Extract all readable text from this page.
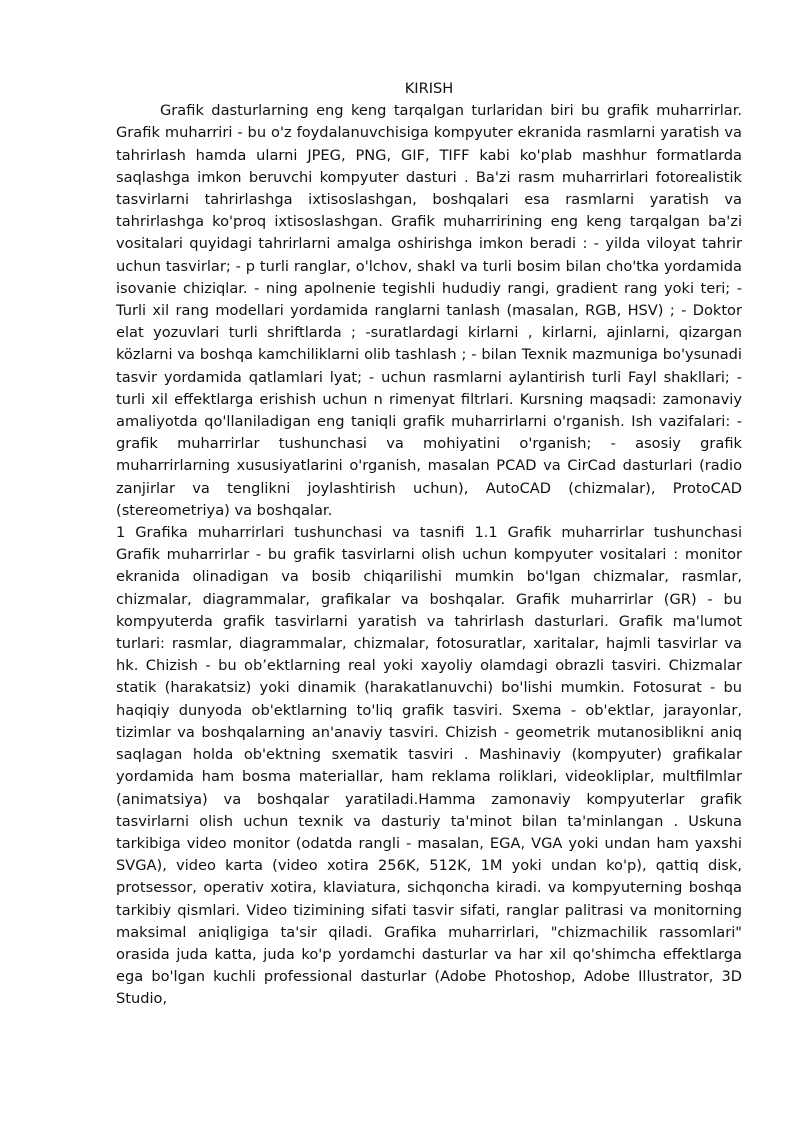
KIRISH

Grafik dasturlarning eng keng tarqalgan turlaridan biri bu grafik muharrirlar. Grafik muharriri - bu o'z foydalanuvchisiga kompyuter ekranida rasmlarni yaratish va tahrirlash hamda ularni JPEG, PNG, GIF, TIFF kabi ko'plab mashhur formatlarda saqlashga imkon beruvchi kompyuter dasturi . Ba'zi rasm muharrirlari fotorealistik tasvirlarni tahrirlashga ixtisoslashgan, boshqalari esa rasmlarni yaratish va tahrirlashga ko'proq ixtisoslashgan. Grafik muharririning eng keng tarqalgan ba'zi vositalari quyidagi tahrirlarni amalga oshirishga imkon beradi : - yilda viloyat tahrir uchun tasvirlar; - p turli ranglar, o'lchov, shakl va turli bosim bilan cho'tka yordamida isovanie chiziqlar. - ning apolnenie tegishli hududiy rangi, gradient rang yoki teri; - Turli xil rang modellari yordamida ranglarni tanlash (masalan, RGB, HSV) ; - Doktor elat yozuvlari turli shriftlarda ; -suratlardagi kirlarni , kirlarni, ajinlarni, qizargan közlarni va boshqa kamchiliklarni olib tashlash ; - bilan Texnik mazmuniga bo'ysunadi tasvir yordamida qatlamlari lyat; - uchun rasmlarni aylantirish turli Fayl shakllari; - turli xil effektlarga erishish uchun n rimenyat filtrlari. Kursning maqsadi: zamonaviy amaliyotda qo'llaniladigan eng taniqli grafik muharrirlarni o'rganish. Ish vazifalari: - grafik muharrirlar tushunchasi va mohiyatini o'rganish; - asosiy grafik muharrirlarning xususiyatlarini o'rganish, masalan PCAD va CirCad dasturlari (radio zanjirlar va tenglikni joylashtirish uchun), AutoCAD (chizmalar), ProtoCAD (stereometriya) va boshqalar.

1 Grafika muharrirlari tushunchasi va tasnifi 1.1 Grafik muharrirlar tushunchasi Grafik muharrirlar - bu grafik tasvirlarni olish uchun kompyuter vositalari : monitor ekranida olinadigan va bosib chiqarilishi mumkin bo'lgan chizmalar, rasmlar, chizmalar, diagrammalar, grafikalar va boshqalar. Grafik muharrirlar (GR) - bu kompyuterda grafik tasvirlarni yaratish va tahrirlash dasturlari. Grafik ma'lumot turlari: rasmlar, diagrammalar, chizmalar, fotosuratlar, xaritalar, hajmli tasvirlar va hk. Chizish - bu ob’ektlarning real yoki xayoliy olamdagi obrazli tasviri. Chizmalar statik (harakatsiz) yoki dinamik (harakatlanuvchi) bo'lishi mumkin. Fotosurat - bu haqiqiy dunyoda ob'ektlarning to'liq grafik tasviri. Sxema - ob'ektlar, jarayonlar, tizimlar va boshqalarning an'anaviy tasviri. Chizish - geometrik mutanosiblikni aniq saqlagan holda ob'ektning sxematik tasviri . Mashinaviy (kompyuter) grafikalar yordamida ham bosma materiallar, ham reklama roliklari, videokliplar, multfilmlar (animatsiya) va boshqalar yaratiladi.Hamma zamonaviy kompyuterlar grafik tasvirlarni olish uchun texnik va dasturiy ta'minot bilan ta'minlangan . Uskuna tarkibiga video monitor (odatda rangli - masalan, EGA, VGA yoki undan ham yaxshi SVGA), video karta (video xotira 256K, 512K, 1M yoki undan ko'p), qattiq disk, protsessor, operativ xotira, klaviatura, sichqoncha kiradi. va kompyuterning boshqa tarkibiy qismlari. Video tizimining sifati tasvir sifati, ranglar palitrasi va monitorning maksimal aniqligiga ta'sir qiladi. Grafika muharrirlari, "chizmachilik rassomlari" orasida juda katta, juda ko'p yordamchi dasturlar va har xil qo'shimcha effektlarga ega bo'lgan kuchli professional dasturlar (Adobe Photoshop, Adobe Illustrator, 3D Studio,
